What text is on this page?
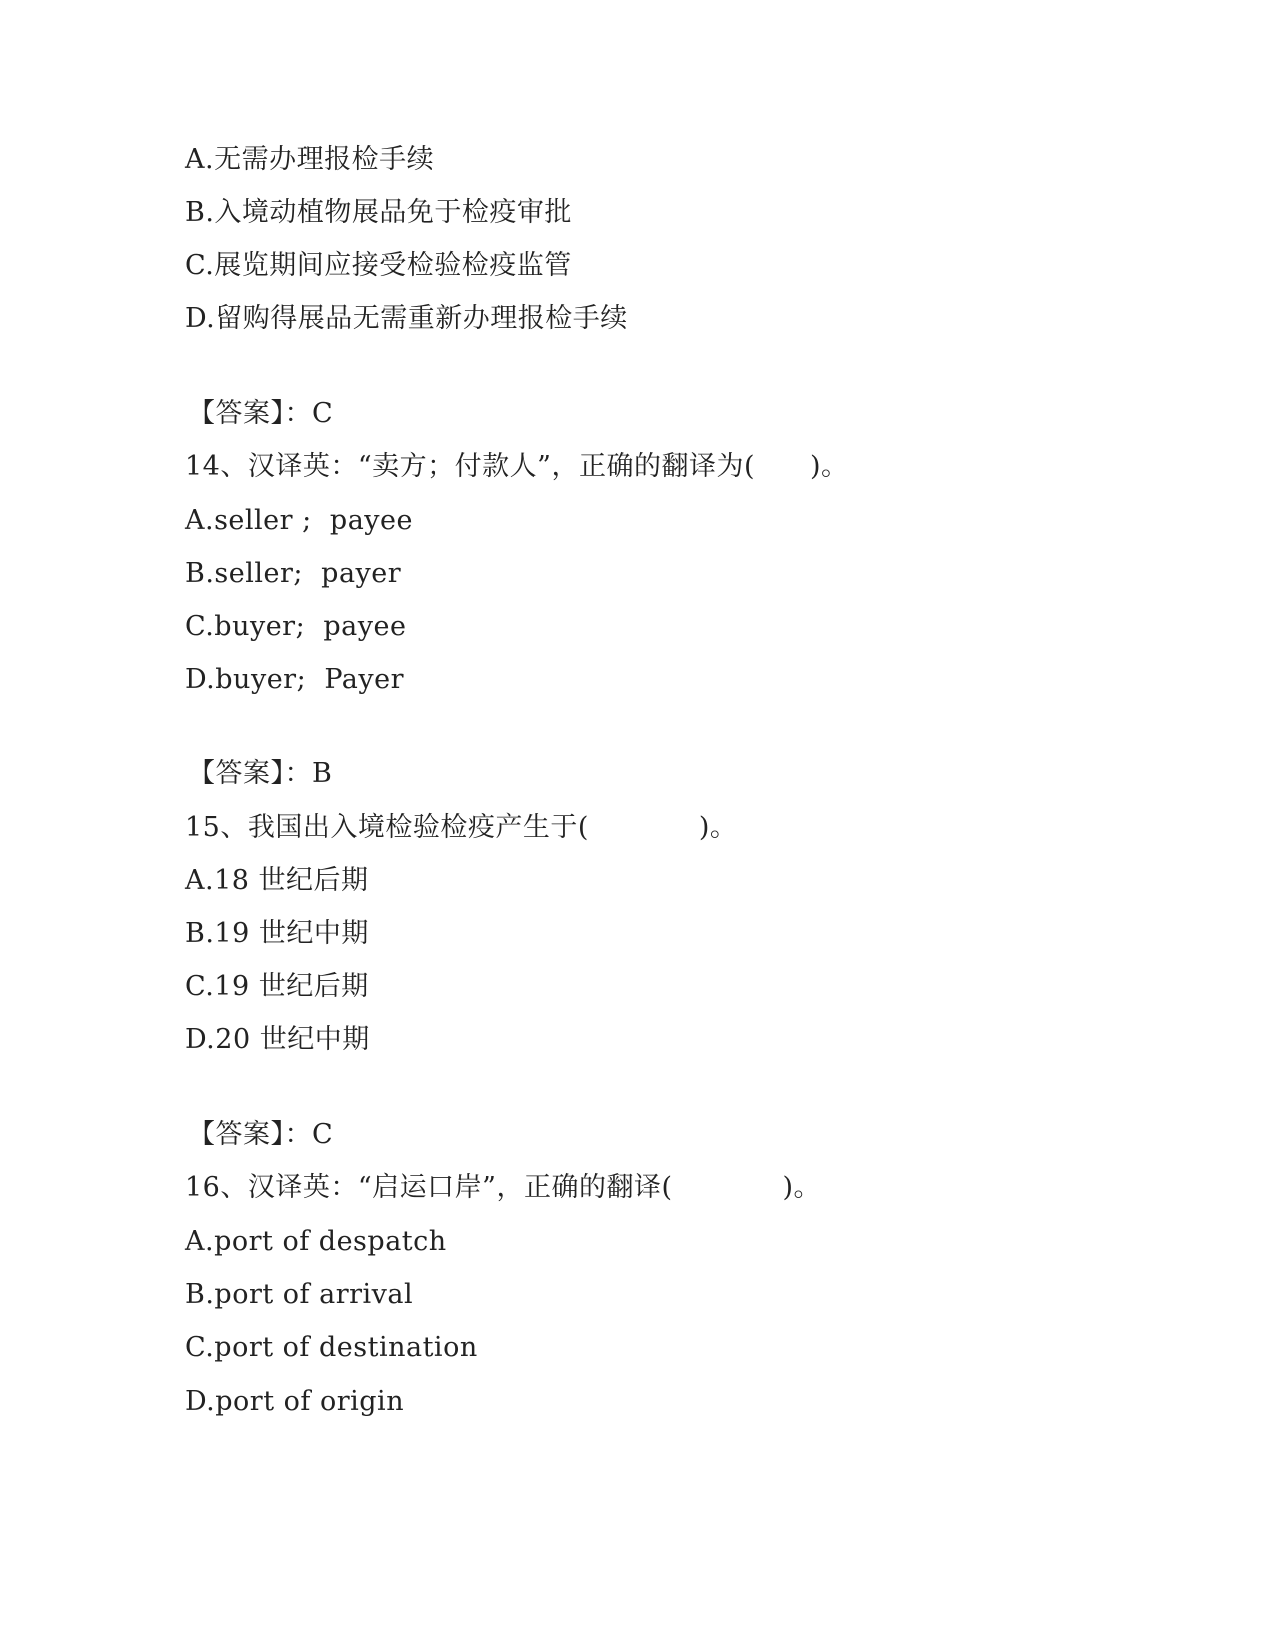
A.无需办理报检手续
B.入境动植物展品免于检疫审批
C.展览期间应接受检验检疫监管
D.留购得展品无需重新办理报检手续
【答案】：C
14、汉译英：“卖方；付款人”，正确的翻译为(　　)。
A.seller ;  payee
B.seller;  payer
C.buyer;  payee
D.buyer;  Payer
【答案】：B
15、我国出入境检验检疫产生于(　　　　)。
A.18 世纪后期
B.19 世纪中期
C.19 世纪后期
D.20 世纪中期
【答案】：C
16、汉译英：“启运口岸”，正确的翻译(　　　　)。
A.port of despatch
B.port of arrival
C.port of destination
D.port of origin
